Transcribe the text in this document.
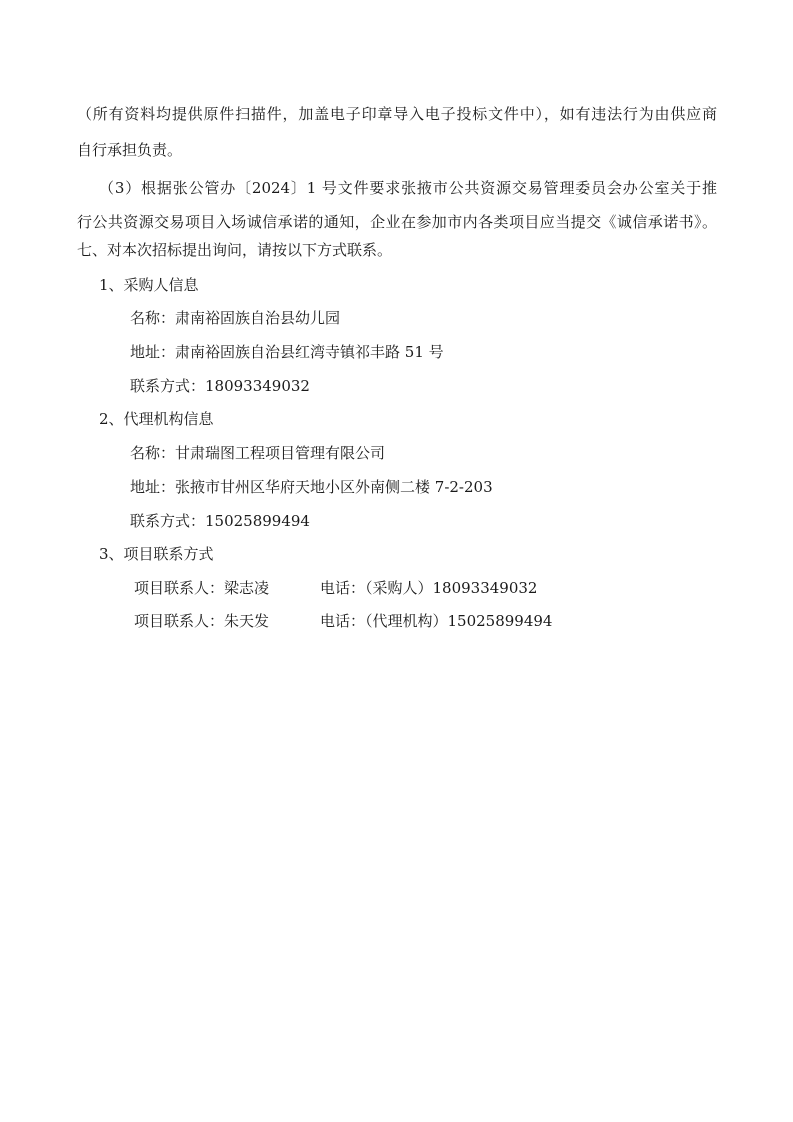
（所有资料均提供原件扫描件，加盖电子印章导入电子投标文件中），如有违法行为由供应商
自行承担负责。
（3）根据张公管办〔2024〕1 号文件要求张掖市公共资源交易管理委员会办公室关于推
行公共资源交易项目入场诚信承诺的通知，企业在参加市内各类项目应当提交《诚信承诺书》。
七、对本次招标提出询问，请按以下方式联系。
1、采购人信息
名称：肃南裕固族自治县幼儿园
地址：肃南裕固族自治县红湾寺镇祁丰路 51 号
联系方式：18093349032
2、代理机构信息
名称：甘肃瑞图工程项目管理有限公司
地址：张掖市甘州区华府天地小区外南侧二楼 7-2-203
联系方式：15025899494
3、项目联系方式
项目联系人：梁志凌	电话：（采购人）18093349032
项目联系人：朱天发	电话：（代理机构）15025899494
